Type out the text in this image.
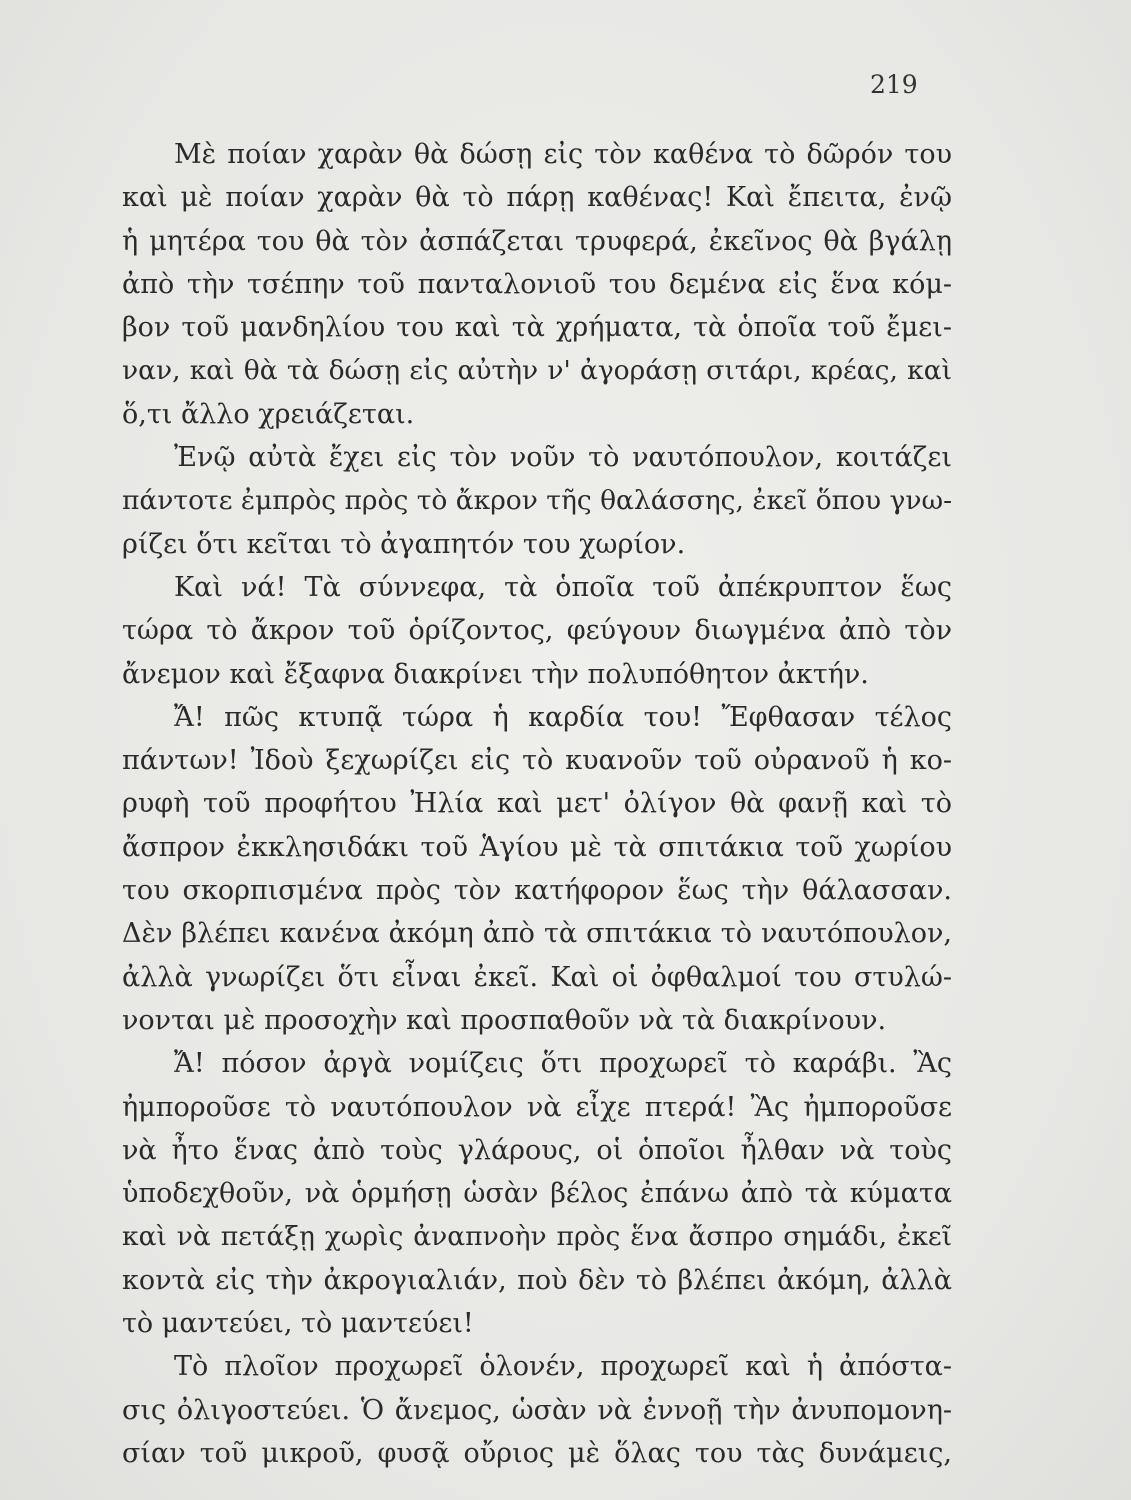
219
Μὲ ποίαν χαρὰν θὰ δώσῃ εἰς τὸν καθένα τὸ δῶρόν του
καὶ μὲ ποίαν χαρὰν θὰ τὸ πάρῃ καθένας! Καὶ ἔπειτα, ἐνῷ
ἡ μητέρα του θὰ τὸν ἀσπάζεται τρυφερά, ἐκεῖνος θὰ βγάλῃ
ἀπὸ τὴν τσέπην τοῦ πανταλονιοῦ του δεμένα εἰς ἕνα κόμ-
βον τοῦ μανδηλίου του καὶ τὰ χρήματα, τὰ ὁποῖα τοῦ ἔμει-
ναν, καὶ θὰ τὰ δώσῃ εἰς αὐτὴν ν' ἀγοράσῃ σιτάρι, κρέας, καὶ
ὅ,τι ἄλλο χρειάζεται.
Ἐνῷ αὐτὰ ἔχει εἰς τὸν νοῦν τὸ ναυτόπουλον, κοιτάζει
πάντοτε ἐμπρὸς πρὸς τὸ ἄκρον τῆς θαλάσσης, ἐκεῖ ὅπου γνω-
ρίζει ὅτι κεῖται τὸ ἀγαπητόν του χωρίον.
Καὶ νά! Τὰ σύννεφα, τὰ ὁποῖα τοῦ ἀπέκρυπτον ἕως
τώρα τὸ ἄκρον τοῦ ὁρίζοντος, φεύγουν διωγμένα ἀπὸ τὸν
ἄνεμον καὶ ἔξαφνα διακρίνει τὴν πολυπόθητον ἀκτήν.
Ἄ! πῶς κτυπᾷ τώρα ἡ καρδία του! Ἔφθασαν τέλος
πάντων! Ἰδοὺ ξεχωρίζει εἰς τὸ κυανοῦν τοῦ οὐρανοῦ ἡ κο-
ρυφὴ τοῦ προφήτου Ἠλία καὶ μετ' ὀλίγον θὰ φανῇ καὶ τὸ
ἄσπρον ἐκκλησιδάκι τοῦ Ἁγίου μὲ τὰ σπιτάκια τοῦ χωρίου
του σκορπισμένα πρὸς τὸν κατήφορον ἕως τὴν θάλασσαν.
Δὲν βλέπει κανένα ἀκόμη ἀπὸ τὰ σπιτάκια τὸ ναυτόπουλον,
ἀλλὰ γνωρίζει ὅτι εἶναι ἐκεῖ. Καὶ οἱ ὀφθαλμοί του στυλώ-
νονται μὲ προσοχὴν καὶ προσπαθοῦν νὰ τὰ διακρίνουν.
Ἄ! πόσον ἀργὰ νομίζεις ὅτι προχωρεῖ τὸ καράβι. Ἂς
ἠμποροῦσε τὸ ναυτόπουλον νὰ εἶχε πτερά! Ἂς ἠμποροῦσε
νὰ ἦτο ἕνας ἀπὸ τοὺς γλάρους, οἱ ὁποῖοι ἦλθαν νὰ τοὺς
ὑποδεχθοῦν, νὰ ὁρμήσῃ ὡσὰν βέλος ἐπάνω ἀπὸ τὰ κύματα
καὶ νὰ πετάξῃ χωρὶς ἀναπνοὴν πρὸς ἕνα ἄσπρο σημάδι, ἐκεῖ
κοντὰ εἰς τὴν ἀκρογιαλιάν, ποὺ δὲν τὸ βλέπει ἀκόμη, ἀλλὰ
τὸ μαντεύει, τὸ μαντεύει!
Τὸ πλοῖον προχωρεῖ ὁλονέν, προχωρεῖ καὶ ἡ ἀπόστα-
σις ὀλιγοστεύει. Ὁ ἄνεμος, ὡσὰν νὰ ἐννοῇ τὴν ἀνυπομονη-
σίαν τοῦ μικροῦ, φυσᾷ οὔριος μὲ ὅλας του τὰς δυνάμεις,
